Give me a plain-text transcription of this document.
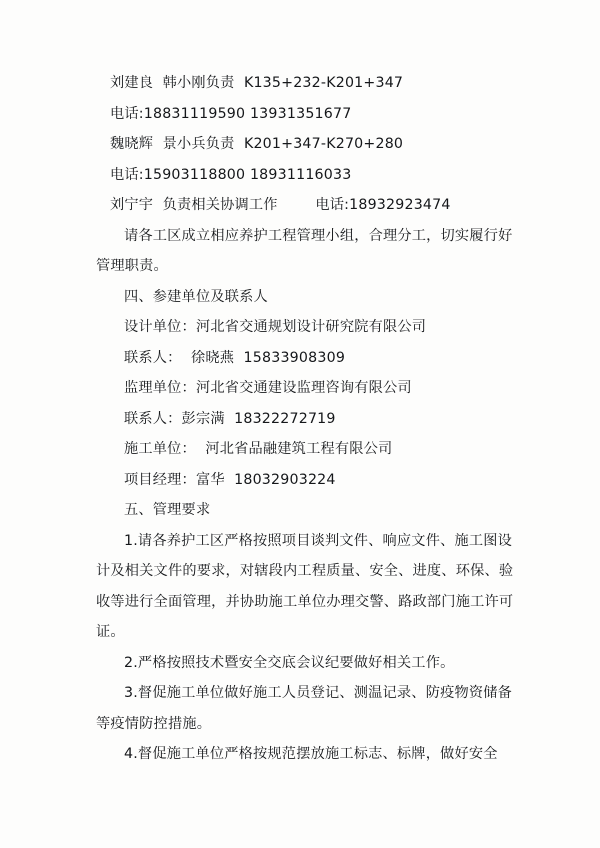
刘建良  韩小刚负责  K135+232-K201+347
电话:18831119590 13931351677
魏晓辉  景小兵负责  K201+347-K270+280
电话:15903118800 18931116033
刘宁宇  负责相关协调工作        电话:18932923474
请各工区成立相应养护工程管理小组，合理分工，切实履行好管理职责。
四、参建单位及联系人
设计单位：河北省交通规划设计研究院有限公司
联系人：  徐晓燕  15833908309
监理单位：河北省交通建设监理咨询有限公司
联系人：彭宗满  18322272719
施工单位：  河北省品融建筑工程有限公司
项目经理：富华  18032903224
五、管理要求
1.请各养护工区严格按照项目谈判文件、响应文件、施工图设计及相关文件的要求，对辖段内工程质量、安全、进度、环保、验收等进行全面管理，并协助施工单位办理交警、路政部门施工许可证。
2.严格按照技术暨安全交底会议纪要做好相关工作。
3.督促施工单位做好施工人员登记、测温记录、防疫物资储备等疫情防控措施。
4.督促施工单位严格按规范摆放施工标志、标牌，做好安全
